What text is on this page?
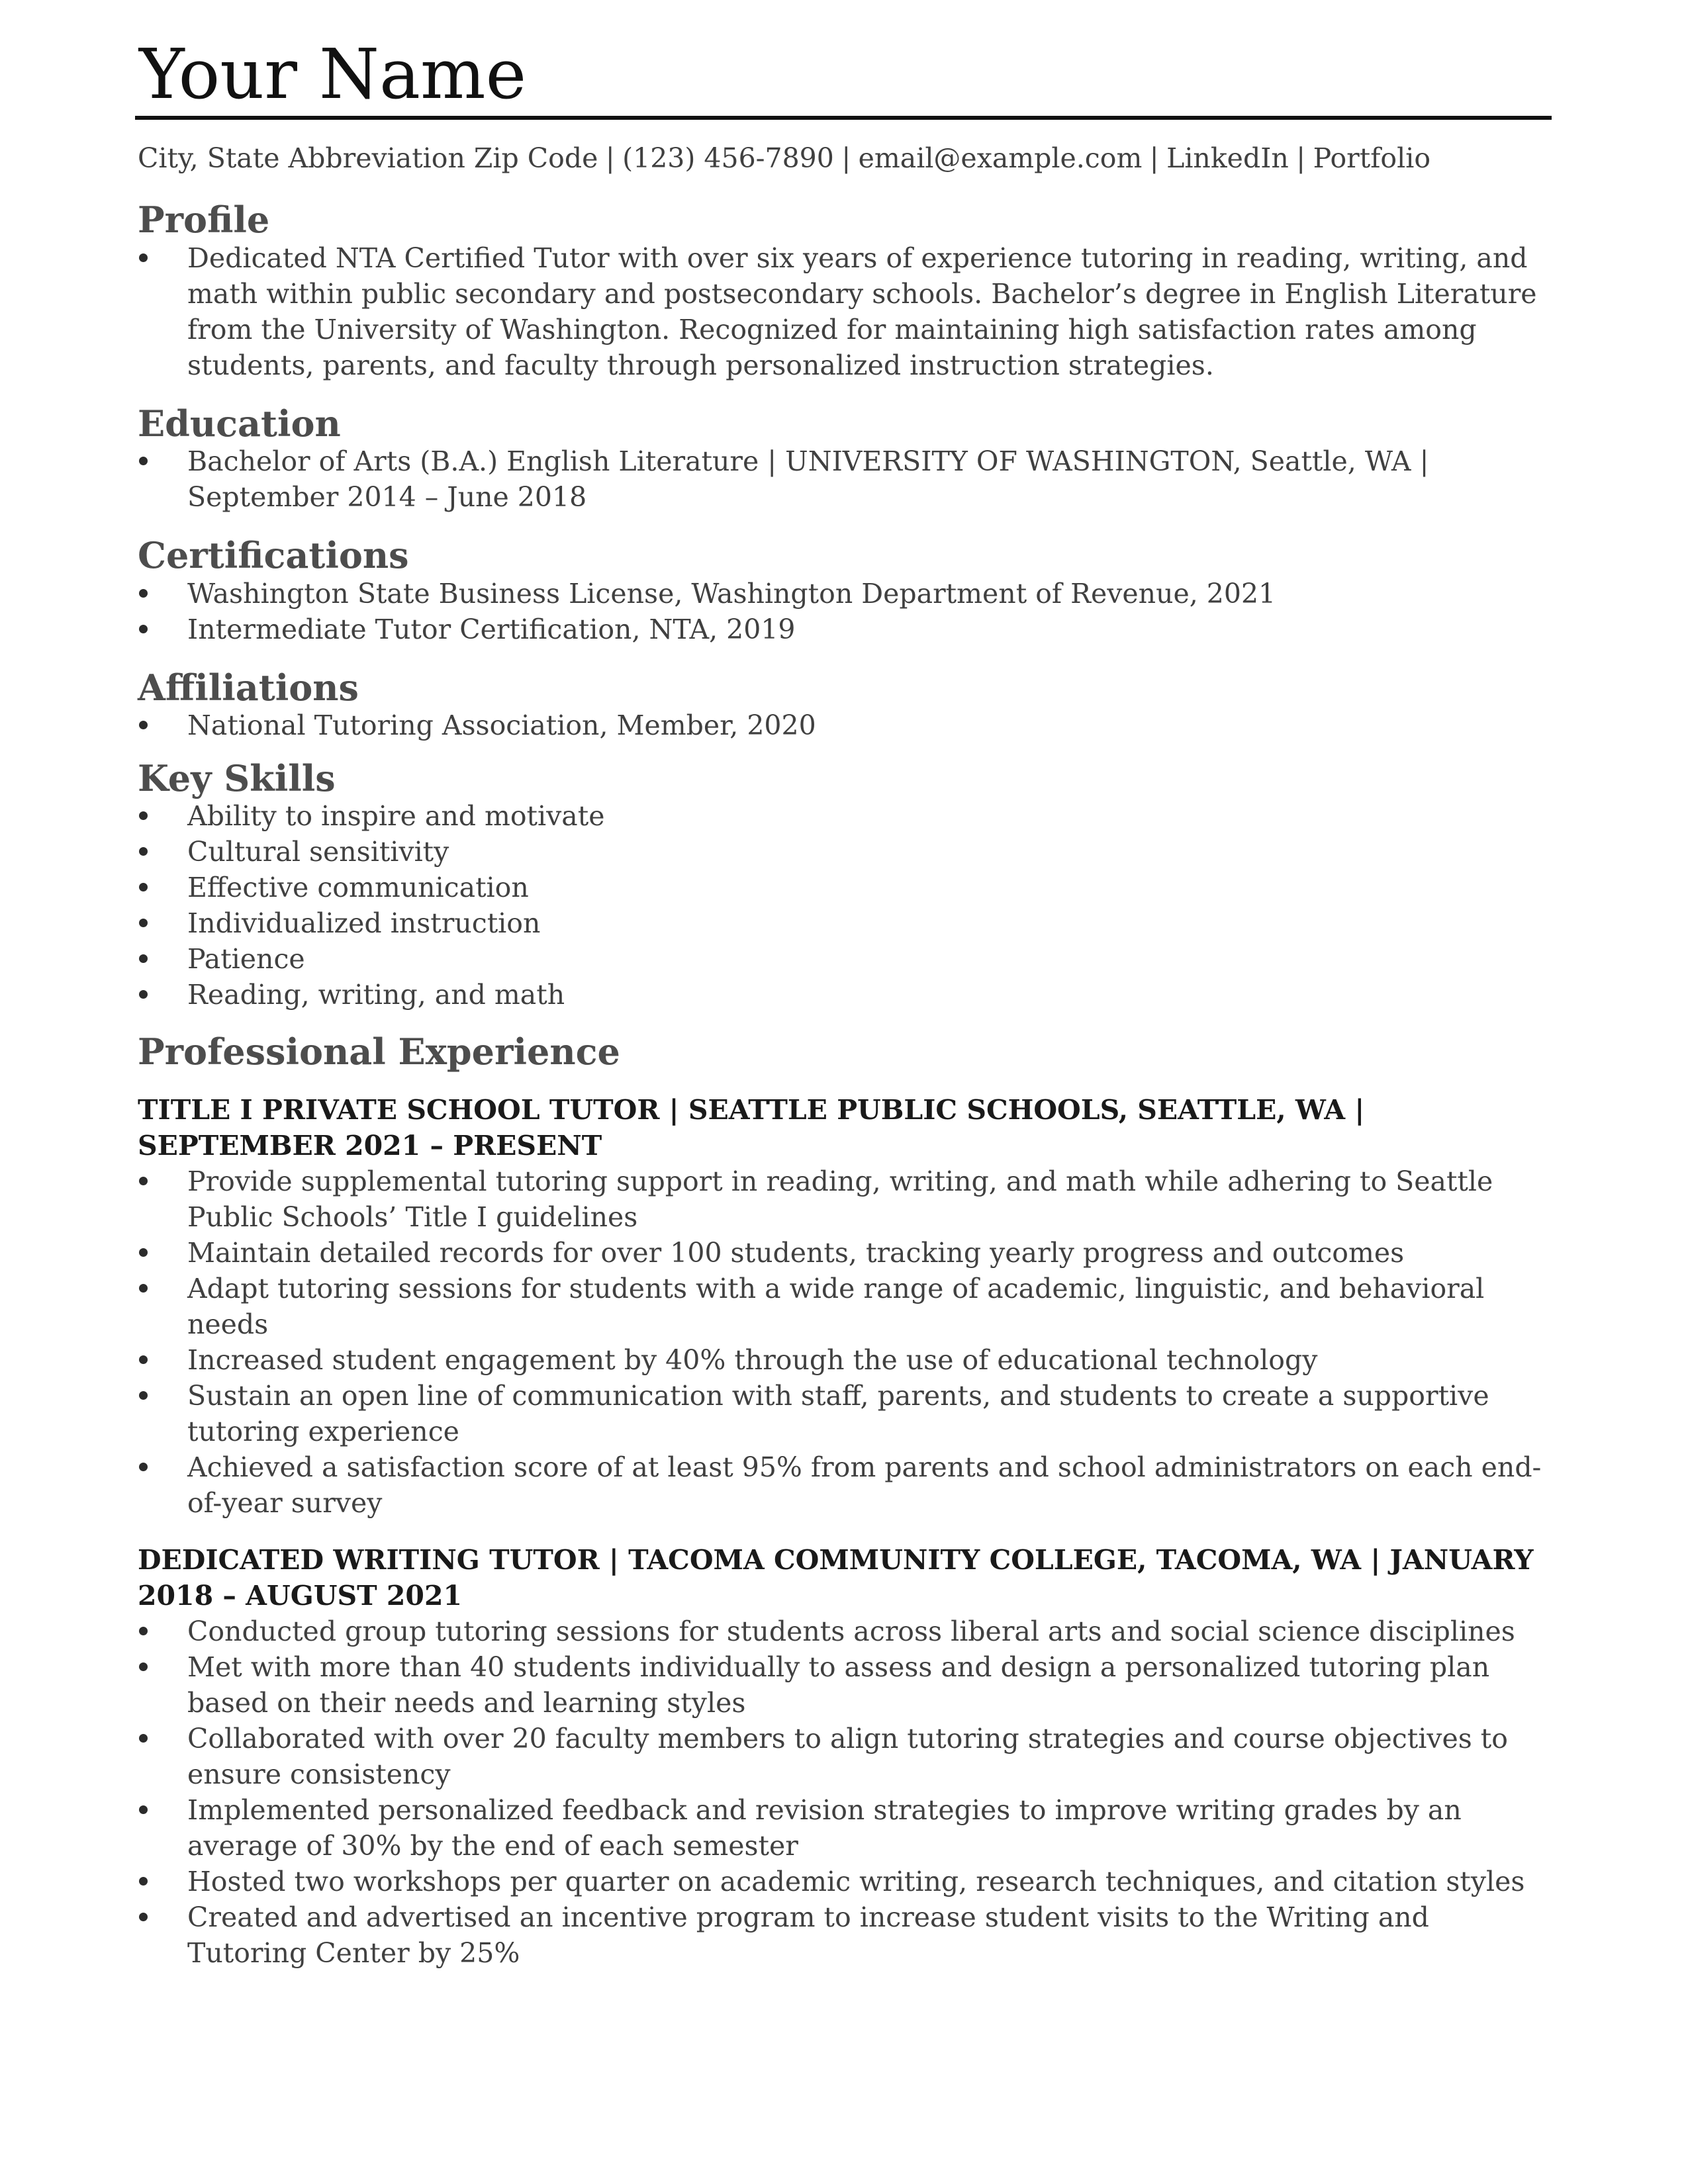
Your Name
City, State Abbreviation Zip Code | (123) 456-7890 | email@example.com | LinkedIn | Portfolio
Profile
Dedicated NTA Certified Tutor with over six years of experience tutoring in reading, writing, and math within public secondary and postsecondary schools. Bachelor’s degree in English Literature from the University of Washington. Recognized for maintaining high satisfaction rates among students, parents, and faculty through personalized instruction strategies.
Education
Bachelor of Arts (B.A.) English Literature | UNIVERSITY OF WASHINGTON, Seattle, WA | September 2014 – June 2018
Certifications
Washington State Business License, Washington Department of Revenue, 2021
Intermediate Tutor Certification, NTA, 2019
Affiliations
National Tutoring Association, Member, 2020
Key Skills
Ability to inspire and motivate
Cultural sensitivity
Effective communication
Individualized instruction
Patience
Reading, writing, and math
Professional Experience
TITLE I PRIVATE SCHOOL TUTOR | SEATTLE PUBLIC SCHOOLS, SEATTLE, WA | SEPTEMBER 2021 – PRESENT
Provide supplemental tutoring support in reading, writing, and math while adhering to Seattle Public Schools’ Title I guidelines
Maintain detailed records for over 100 students, tracking yearly progress and outcomes
Adapt tutoring sessions for students with a wide range of academic, linguistic, and behavioral needs
Increased student engagement by 40% through the use of educational technology
Sustain an open line of communication with staff, parents, and students to create a supportive tutoring experience
Achieved a satisfaction score of at least 95% from parents and school administrators on each end-of-year survey
DEDICATED WRITING TUTOR | TACOMA COMMUNITY COLLEGE, TACOMA, WA | JANUARY 2018 – AUGUST 2021
Conducted group tutoring sessions for students across liberal arts and social science disciplines
Met with more than 40 students individually to assess and design a personalized tutoring plan based on their needs and learning styles
Collaborated with over 20 faculty members to align tutoring strategies and course objectives to ensure consistency
Implemented personalized feedback and revision strategies to improve writing grades by an average of 30% by the end of each semester
Hosted two workshops per quarter on academic writing, research techniques, and citation styles
Created and advertised an incentive program to increase student visits to the Writing and Tutoring Center by 25%
